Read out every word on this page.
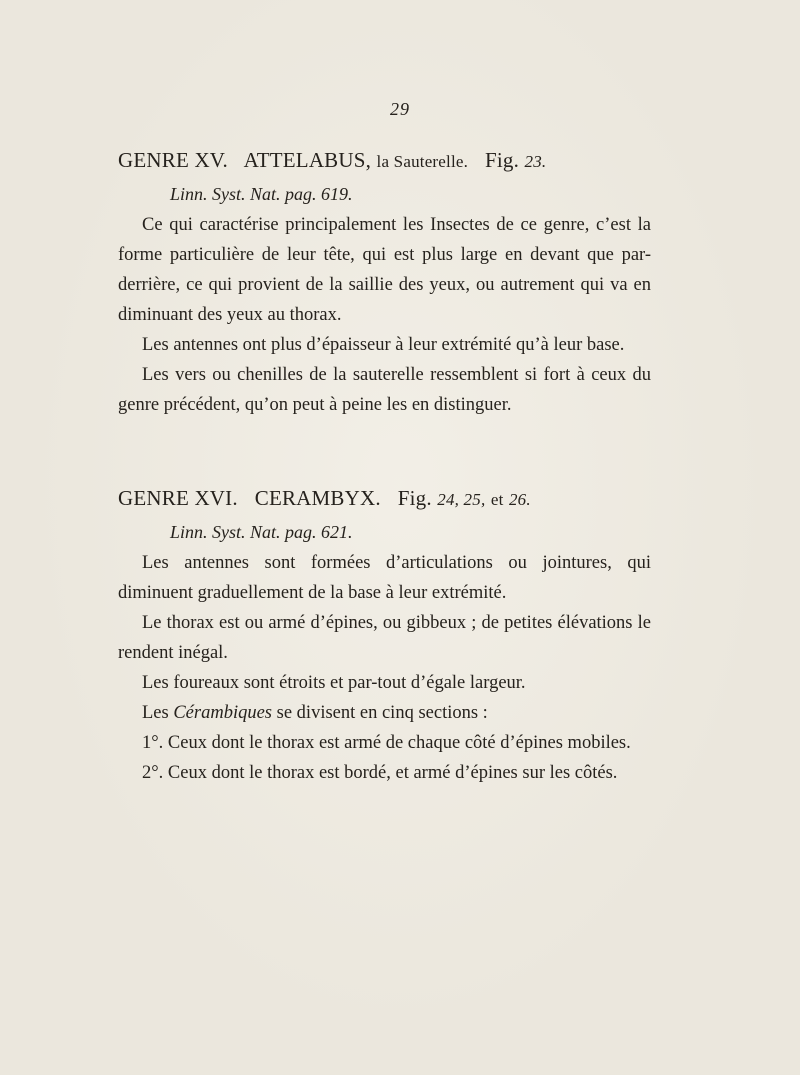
29
GENRE XV. ATTELABUS, la Sauterelle. Fig. 23.
Linn. Syst. Nat. pag. 619.

Ce qui caractérise principalement les Insectes de ce genre, c’est la forme particulière de leur tête, qui est plus large en devant que par-derrière, ce qui provient de la saillie des yeux, ou autrement qui va en diminuant des yeux au thorax.

Les antennes ont plus d’épaisseur à leur extrémité qu’à leur base.

Les vers ou chenilles de la sauterelle ressemblent si fort à ceux du genre précédent, qu’on peut à peine les en distinguer.

GENRE XVI. CERAMBYX. Fig. 24, 25, et 26.
Linn. Syst. Nat. pag. 621.

Les antennes sont formées d’articulations ou jointures, qui diminuent graduellement de la base à leur extrémité.

Le thorax est ou armé d’épines, ou gibbeux ; de petites élévations le rendent inégal.

Les foureaux sont étroits et par-tout d’égale largeur.

Les Cérambiques se divisent en cinq sections :

1°. Ceux dont le thorax est armé de chaque côté d’épines mobiles.

2°. Ceux dont le thorax est bordé, et armé d’épines sur les côtés.
